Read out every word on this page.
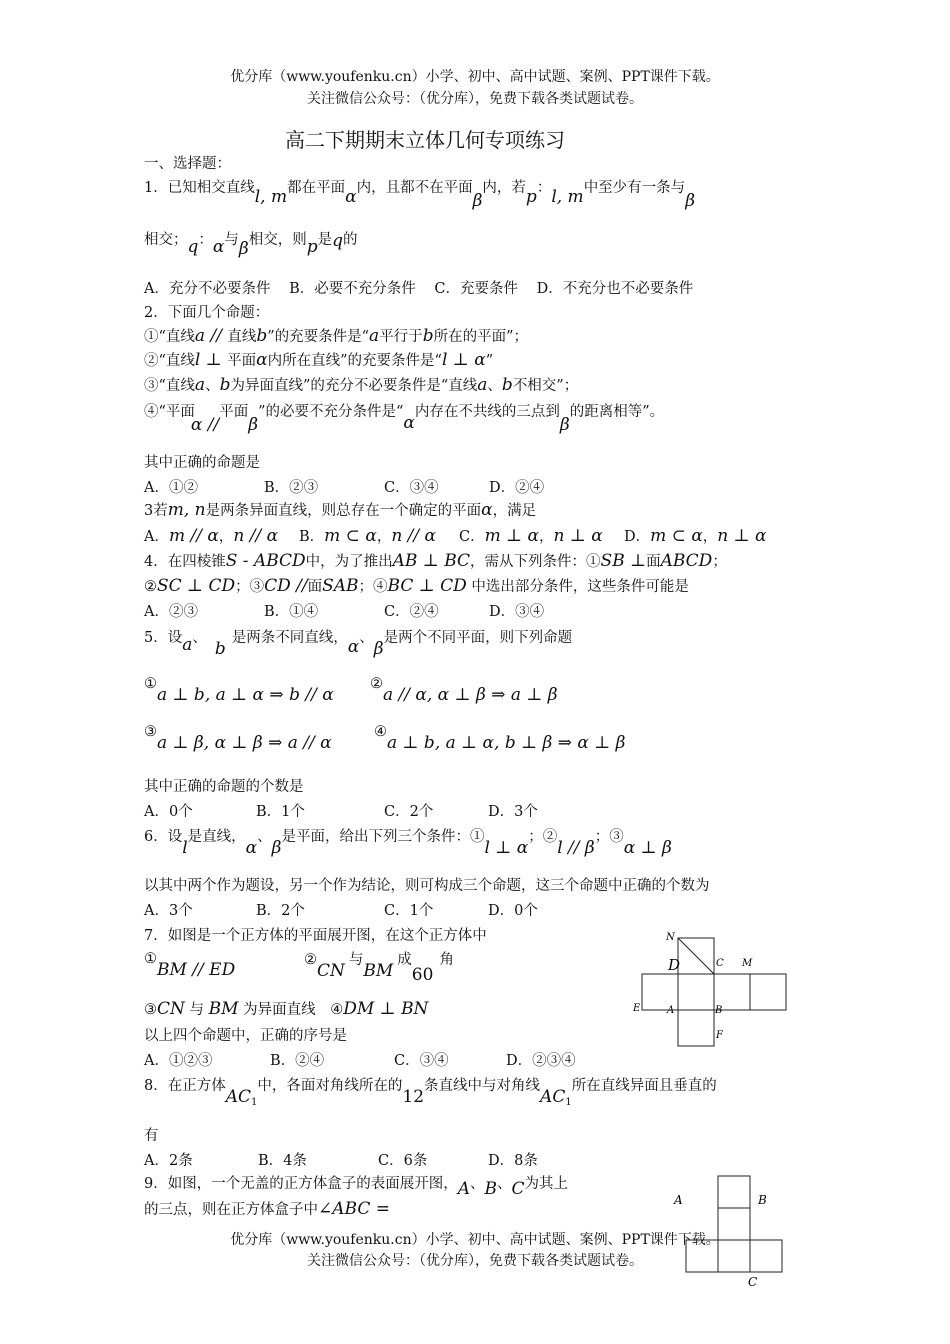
优分库（www.youfenku.cn）小学、初中、高中试题、案例、PPT课件下载。
关注微信公众号：（优分库），免费下载各类试题试卷。
高二下期期末立体几何专项练习
一、选择题：
1．已知相交直线l, m都在平面α内，且都不在平面β内，若p：l, m中至少有一条与β
相交；q：α与β相交，则p是q的
A．充分不必要条件 B．必要不充分条件 C．充要条件 D．不充分也不必要条件
2．下面几个命题：
①“直线a // 直线b”的充要条件是“a平行于b所在的平面”；
②“直线l ⊥ 平面α内所在直线”的充要条件是“l ⊥ α”
③“直线a、b为异面直线”的充分不必要条件是“直线a、b不相交”；
④“平面α //平面β”的必要不充分条件是“α内存在不共线的三点到β的距离相等”。
其中正确的命题是
A．①②	B．②③	C．③④	D．②④
3若m, n是两条异面直线，则总存在一个确定的平面α，满足
A．m // α，n // α B．m ⊂ α，n // α C．m ⊥ α，n ⊥ α D．m ⊂ α，n ⊥ α
4．在四棱锥S - ABCD中，为了推出AB ⊥ BC，需从下列条件：①SB ⊥面ABCD；
②SC ⊥ CD；③CD //面SAB；④BC ⊥ CD 中选出部分条件，这些条件可能是
A．②③	B．①④	C．②④	D．③④
5．设a、b是两条不同直线，α、β是两个不同平面，则下列命题
①a ⊥ b, a ⊥ α ⇒ b // α
②a // α, α ⊥ β ⇒ a ⊥ β
③a ⊥ β, α ⊥ β ⇒ a // α
④a ⊥ b, a ⊥ α, b ⊥ β ⇒ α ⊥ β
其中正确的命题的个数是
A．0个	B．1个	C．2个	D．3个
6．设l是直线，α、β是平面，给出下列三个条件：①l ⊥ α；②l // β；③α ⊥ β
以其中两个作为题设，另一个作为结论，则可构成三个命题，这三个命题中正确的个数为
A．3个	B．2个	C．1个	D．0个
7．如图是一个正方体的平面展开图，在这个正方体中
①BM // ED	②CN与BM成60角
③CN 与 BM 为异面直线 ④DM ⊥ BN
以上四个命题中，正确的序号是
A．①②③	B．②④	C．③④	D．②③④
N
D	C M
E	A	B
F
8．在正方体$AC_1$中，各面对角线所在的12条直线中与对角线$AC_1$所在直线异面且垂直的
有
A．2条	B．4条	C．6条	D．8条
9．如图，一个无盖的正方体盒子的表面展开图，A、B、C为其上
的三点，则在正方体盒子中∠ABC =	A	B
C
优分库（www.youfenku.cn）小学、初中、高中试题、案例、PPT课件下载。
关注微信公众号：（优分库），免费下载各类试题试卷。
